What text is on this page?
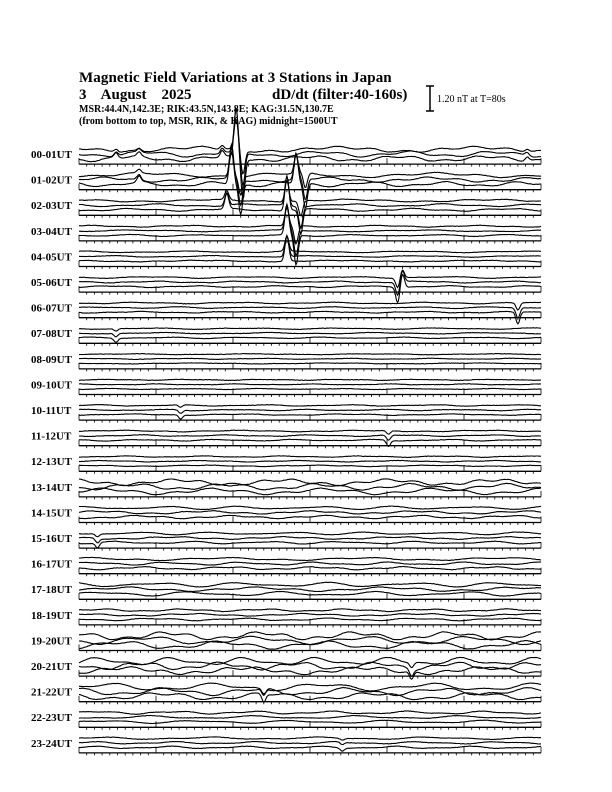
Magnetic Field Variations at 3 Stations in Japan
3    August    2025	dD/dt (filter:40-160s)
MSR:44.4N,142.3E; RIK:43.5N,143.8E; KAG:31.5N,130.7E
(from bottom to top, MSR, RIK, & KAG) midnight=1500UT
1.20 nT at T=80s
00-01UT
01-02UT
02-03UT
03-04UT
04-05UT
05-06UT
06-07UT
07-08UT
08-09UT
09-10UT
10-11UT
11-12UT
12-13UT
13-14UT
14-15UT
15-16UT
16-17UT
17-18UT
18-19UT
19-20UT
20-21UT
21-22UT
22-23UT
23-24UT
